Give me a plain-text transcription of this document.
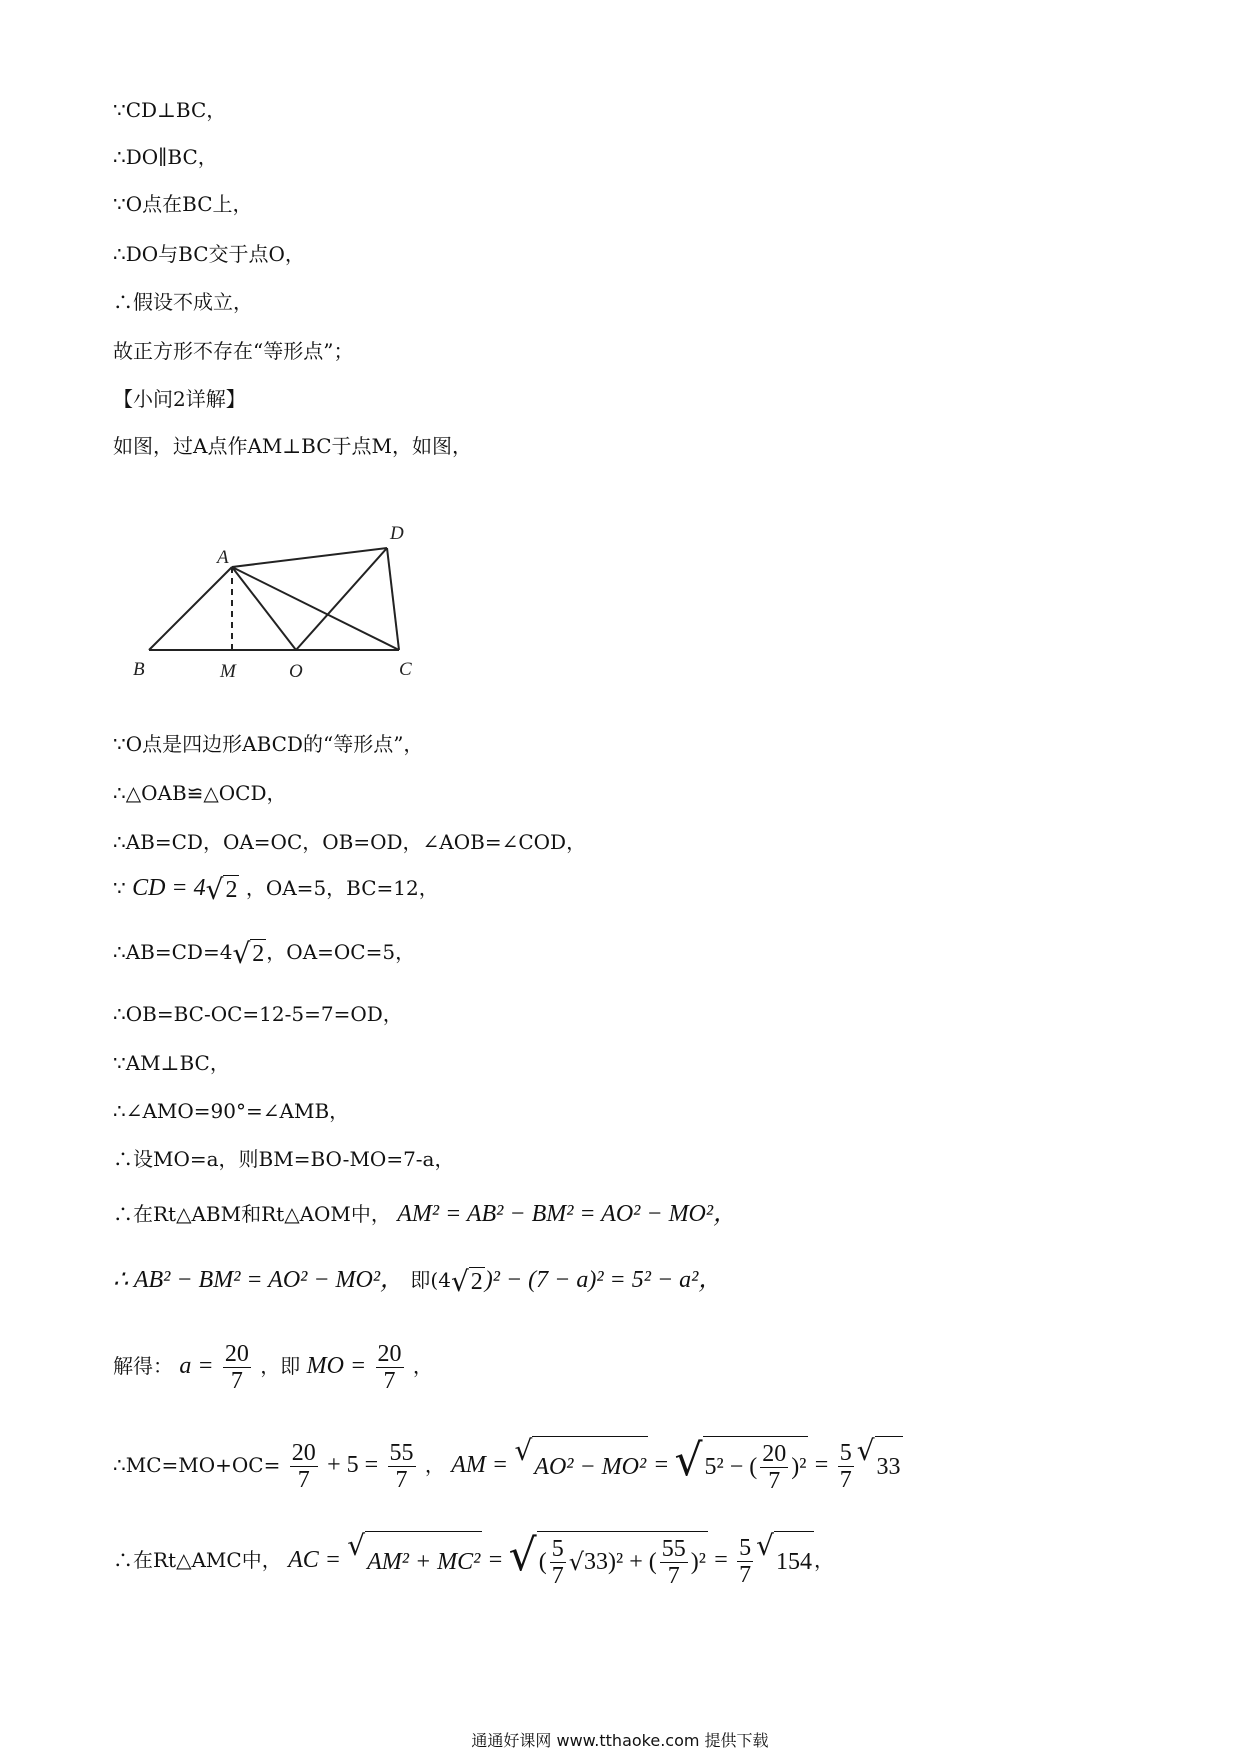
∵CD⊥BC，
∴DO∥BC，
∵O点在BC上，
∴DO与BC交于点O，
∴假设不成立，
故正方形不存在“等形点”；
【小问2详解】
如图，过A点作AM⊥BC于点M，如图，
A
D
B	M	O	C
∵O点是四边形ABCD的“等形点”，
∴△OAB≌△OCD，
∴AB=CD，OA=OC，OB=OD，∠AOB=∠COD，
∵ CD = 4 √ 2 ，OA=5，BC=12，
∴AB=CD=4 √ 2 ，OA=OC=5，
∴OB=BC-OC=12-5=7=OD，
∵AM⊥BC，
∴∠AMO=90°=∠AMB，
∴设MO=a，则BM=BO-MO=7-a，
∴在Rt△ABM和Rt△AOM中， AM² = AB² − BM² = AO² − MO²，
∴ AB² − BM² = AO² − MO²， 即(4 √ 2 )² − (7 − a)² = 5² − a²，
解得： $a = \frac{20}{7}$ ，即 MO = $\frac{20}{7}$ ，
∴MC=MO+OC= $\frac{20}{7} + 5 = \frac{55}{7}$ ， AM = √ AO² − MO² = √ 5² − ( $\frac{20}{7} )^2 = \frac{5}{7}$ √ 33
∴在Rt△AMC中， AC = √ AM² + MC² = √ ( $\frac{5}{7}$ √ 33)² + ( $\frac{55}{7} )^2 = \frac{5}{7}$ √ 154 ，
通通好课网 www.tthaoke.com 提供下载
